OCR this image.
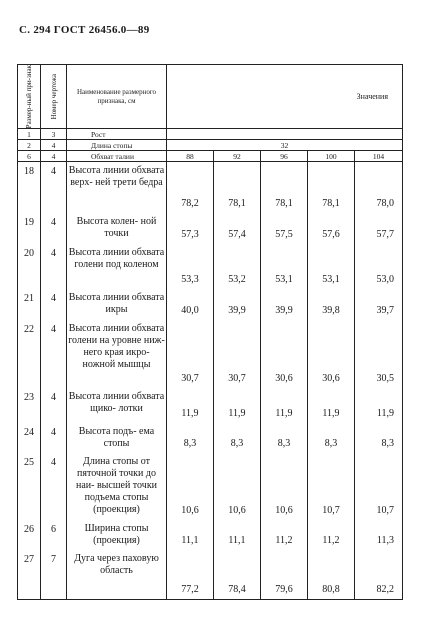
С. 294 ГОСТ 26456.0—89
Размер-ный при-знак	Номер чертежа	Наименование размерного признака, см	Значения				
1	3	Рост					
2	4	Длина стопы	32				
6	4	Обхват талии	88	92	96	100	104
18	4	Высота линии обхвата верх- ней трети бедра	78,2	78,1	78,1	78,1	78,0
19	4	Высота колен- ной точки	57,3	57,4	57,5	57,6	57,7
20	4	Высота линии обхвата голени под коленом	53,3	53,2	53,1	53,1	53,0
21	4	Высота линии обхвата икры	40,0	39,9	39,9	39,8	39,7
22	4	Высота линии обхвата голени на уровне ниж- него края икро- ножной мышцы	30,7	30,7	30,6	30,6	30,5
23	4	Высота линии обхвата щико- лотки	11,9	11,9	11,9	11,9	11,9
24	4	Высота подъ- ема стопы	8,3	8,3	8,3	8,3	8,3
25	4	Длина стопы от пяточной точки до наи- высшей точки подъема стопы (проекция)	10,6	10,6	10,6	10,7	10,7
26	6	Ширина стопы (проекция)	11,1	11,1	11,2	11,2	11,3
27	7	Дуга через паховую область	77,2	78,4	79,6	80,8	82,2
